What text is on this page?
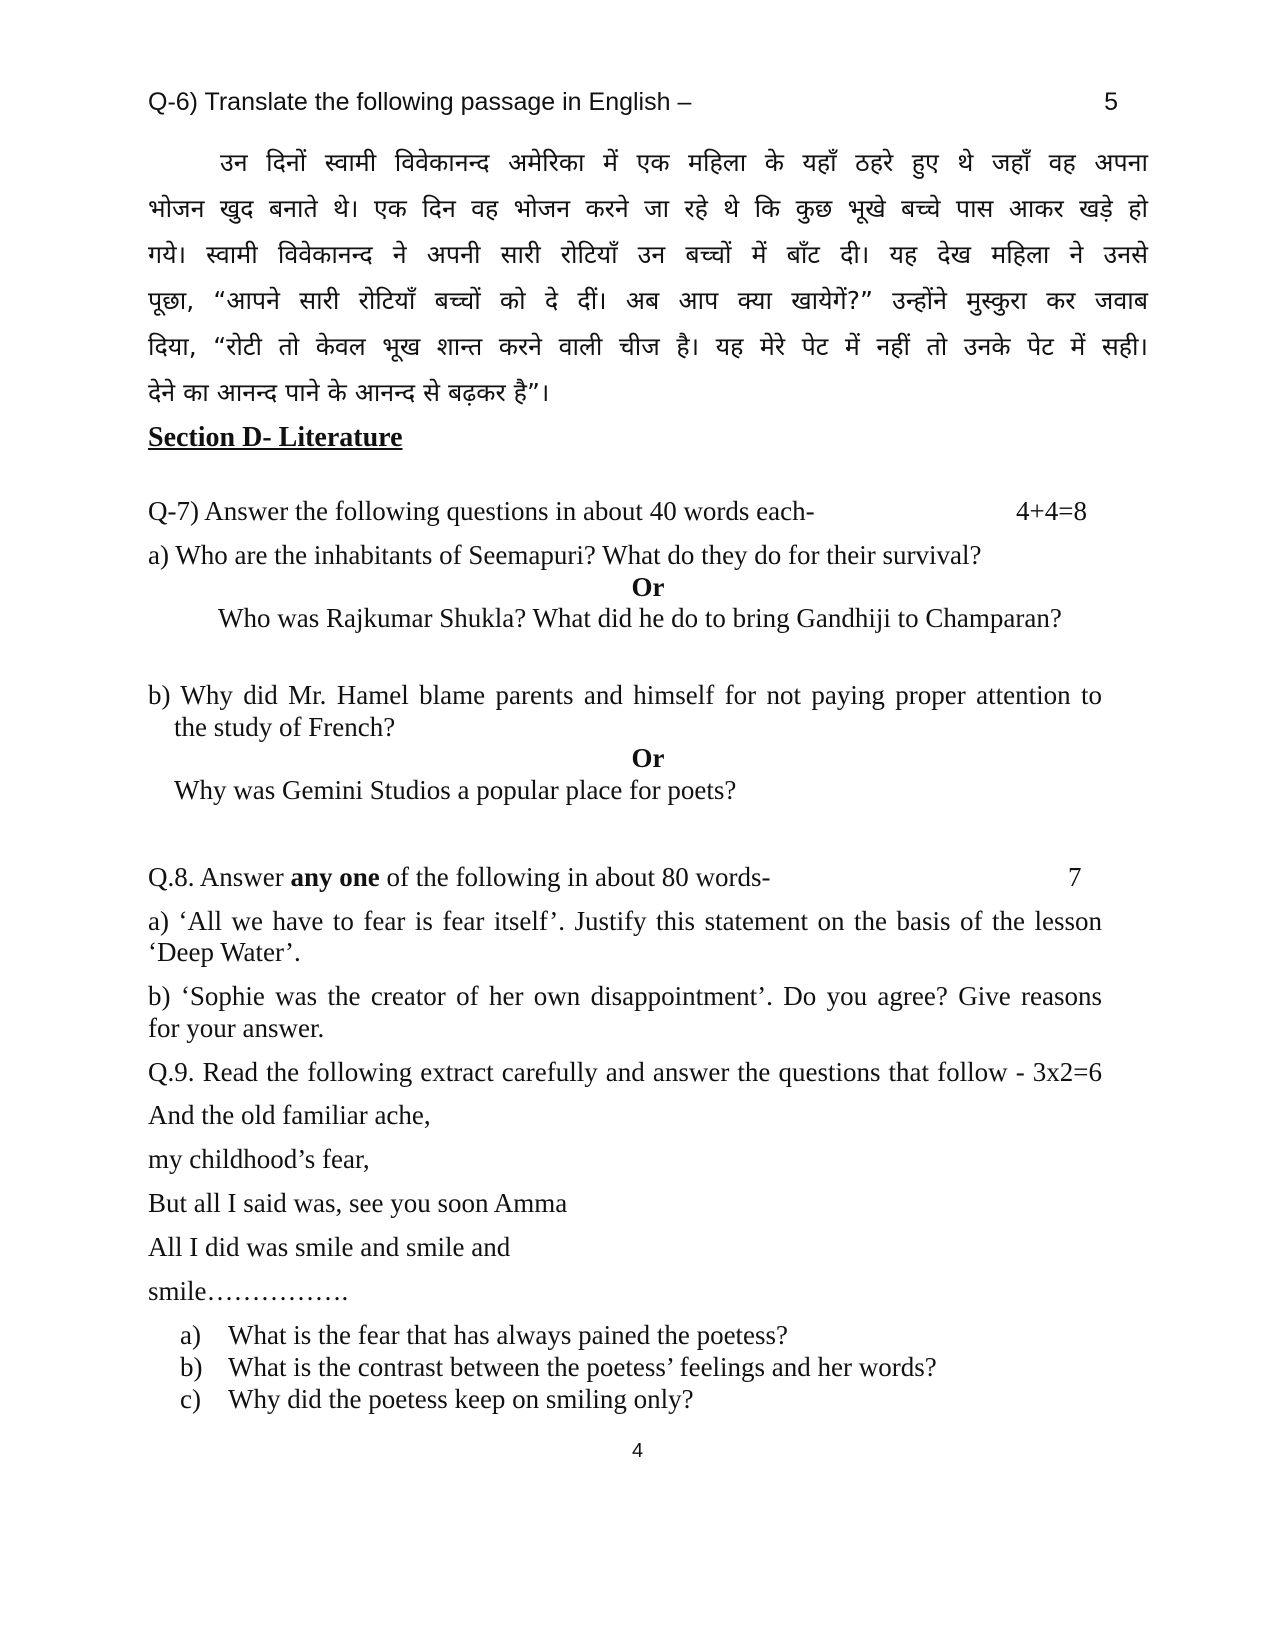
Q-6) Translate the following passage in English –	5

उन दिनों स्वामी विवेकानन्द अमेरिका में एक महिला के यहाँ ठहरे हुए थे जहाँ वह अपना

भोजन खुद बनाते थे। एक दिन वह भोजन करने जा रहे थे कि कुछ भूखे बच्चे पास आकर खड़े हो

गये। स्वामी विवेकानन्द ने अपनी सारी रोटियाँ उन बच्चों में बाँट दी। यह देख महिला ने उनसे

पूछा, “आपने सारी रोटियाँ बच्चों को दे दीं। अब आप क्या खायेगें?” उन्होंने मुस्कुरा कर जवाब

दिया, “रोटी तो केवल भूख शान्त करने वाली चीज है। यह मेरे पेट में नहीं तो उनके पेट में सही।

देने का आनन्द पाने के आनन्द से बढ़कर है”।

Section D- Literature
Q-7) Answer the following questions in about 40 words each-	4+4=8
a) Who are the inhabitants of Seemapuri? What do they do for their survival?
Or
Who was Rajkumar Shukla? What did he do to bring Gandhiji to Champaran?
b) Why did Mr. Hamel blame parents and himself for not paying proper attention to
the study of French?
Or
Why was Gemini Studios a popular place for poets?
Q.8. Answer any one of the following in about 80 words-	7
a) ‘All we have to fear is fear itself’. Justify this statement on the basis of the lesson
‘Deep Water’.
b) ‘Sophie was the creator of her own disappointment’. Do you agree? Give reasons
for your answer.
Q.9. Read the following extract carefully and answer the questions that follow - 3x2=6
And the old familiar ache,
my childhood’s fear,
But all I said was, see you soon Amma
All I did was smile and smile and
smile…………….
a)	What is the fear that has always pained the poetess?
b) What is the contrast between the poetess’ feelings and her words?
c)	Why did the poetess keep on smiling only?
4
